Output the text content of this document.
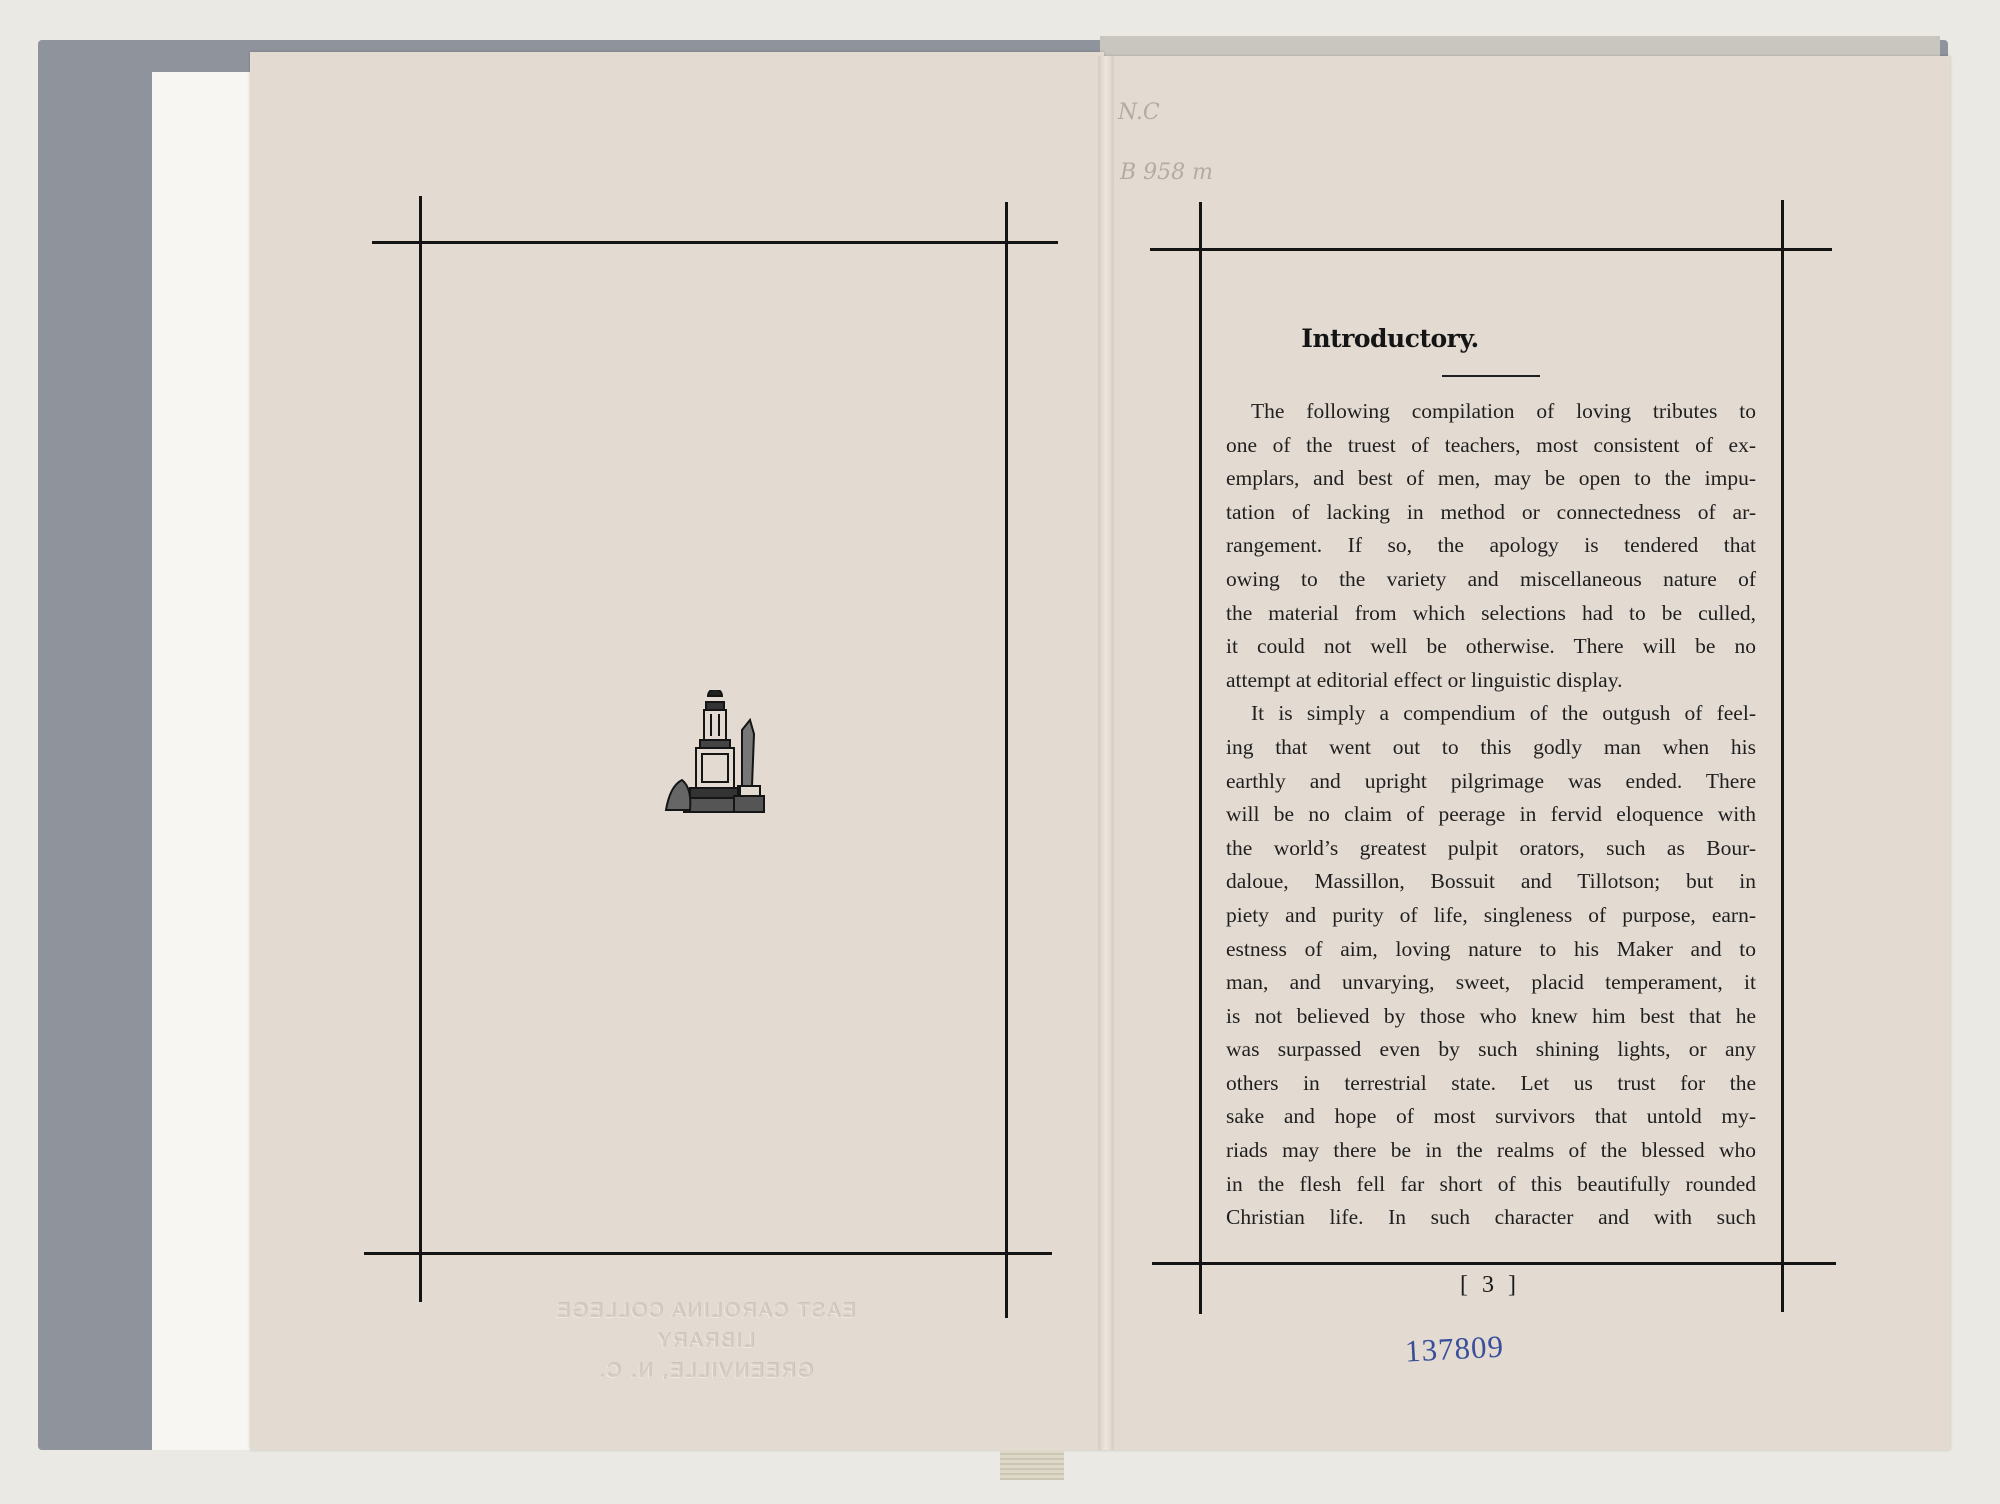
EAST CAROLINA COLLEGE
LIBRARY
GREENVILLE, N. C.
N.C
B 958 m
Introductory.
The following compilation of loving tributes to
one of the truest of teachers, most consistent of ex-
emplars, and best of men, may be open to the impu-
tation of lacking in method or connectedness of ar-
rangement. If so, the apology is tendered that
owing to the variety and miscellaneous nature of
the material from which selections had to be culled,
it could not well be otherwise. There will be no
attempt at editorial effect or linguistic display.
It is simply a compendium of the outgush of feel-
ing that went out to this godly man when his
earthly and upright pilgrimage was ended. There
will be no claim of peerage in fervid eloquence with
the world’s greatest pulpit orators, such as Bour-
daloue, Massillon, Bossuit and Tillotson; but in
piety and purity of life, singleness of purpose, earn-
estness of aim, loving nature to his Maker and to
man, and unvarying, sweet, placid temperament, it
is not believed by those who knew him best that he
was surpassed even by such shining lights, or any
others in terrestrial state. Let us trust for the
sake and hope of most survivors that untold my-
riads may there be in the realms of the blessed who
in the flesh fell far short of this beautifully rounded
Christian life. In such character and with such
[ 3 ]
137809
